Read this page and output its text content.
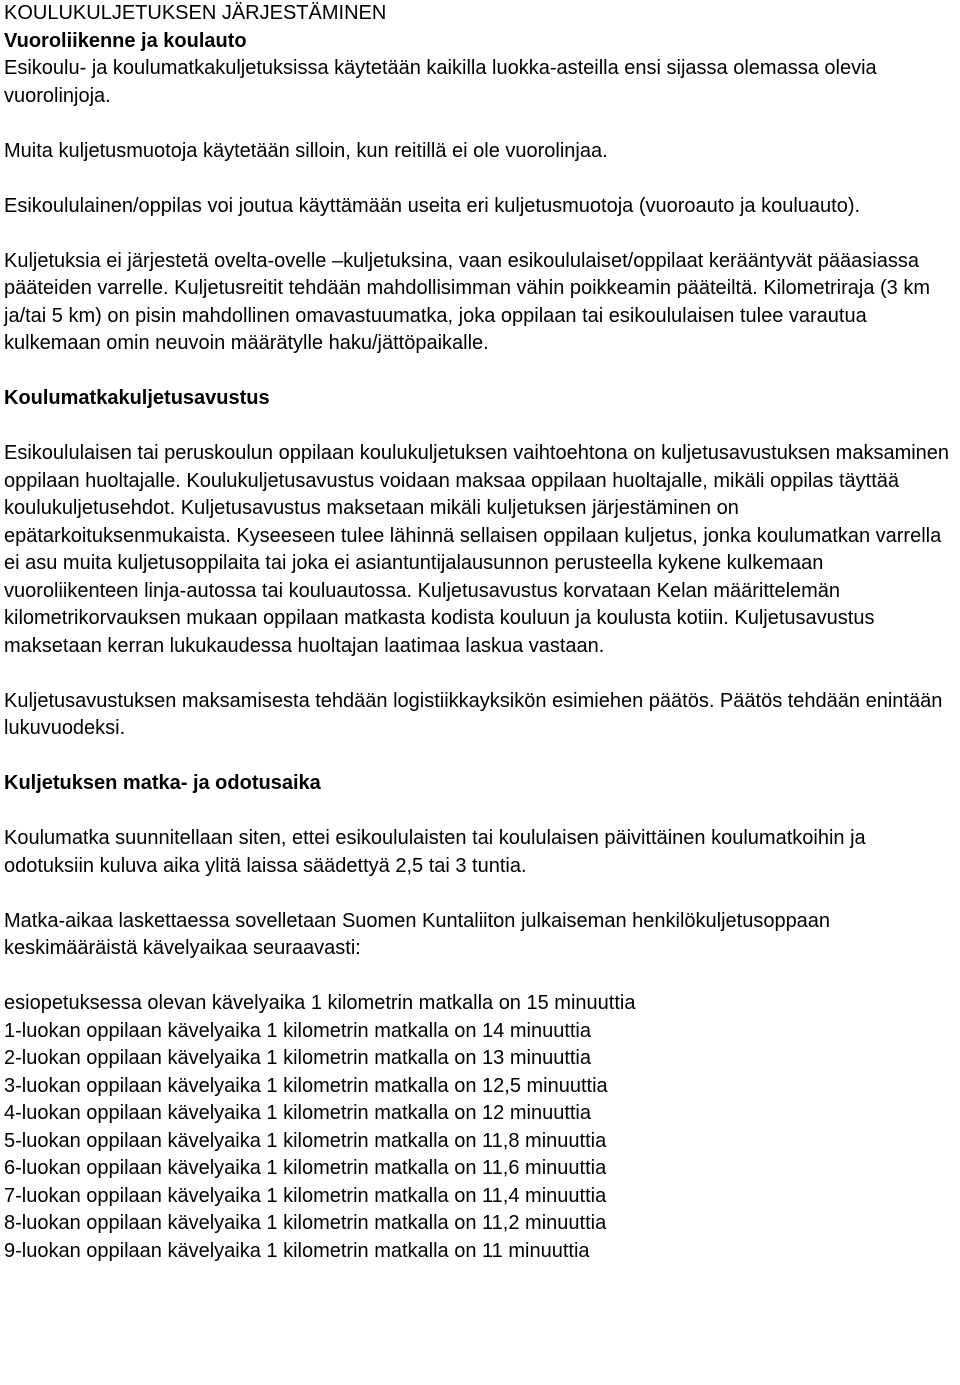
KOULUKULJETUKSEN JÄRJESTÄMINEN

Vuoroliikenne ja koulauto

Esikoulu- ja koulumatkakuljetuksissa käytetään kaikilla luokka-asteilla ensi sijassa olemassa olevia vuorolinjoja.

Muita kuljetusmuotoja käytetään silloin, kun reitillä ei ole vuorolinjaa.

Esikoululainen/oppilas voi joutua käyttämään useita eri kuljetusmuotoja (vuoroauto ja kouluauto).

Kuljetuksia ei järjestetä ovelta-ovelle –kuljetuksina, vaan esikoululaiset/oppilaat kerääntyvät pääasiassa pääteiden varrelle. Kuljetusreitit tehdään mahdollisimman vähin poikkeamin pääteiltä. Kilometriraja (3 km ja/tai 5 km) on pisin mahdollinen omavastuumatka, joka oppilaan tai esikoululaisen tulee varautua kulkemaan omin neuvoin määrätylle haku/jättöpaikalle.

Koulumatkakuljetusavustus

Esikoululaisen tai peruskoulun oppilaan koulukuljetuksen vaihtoehtona on kuljetusavustuksen maksaminen oppilaan huoltajalle. Koulukuljetusavustus voidaan maksaa oppilaan huoltajalle, mikäli oppilas täyttää koulukuljetusehdot. Kuljetusavustus maksetaan mikäli kuljetuksen järjestäminen on epätarkoituksenmukaista. Kyseeseen tulee lähinnä sellaisen oppilaan kuljetus, jonka koulumatkan varrella ei asu muita kuljetusoppilaita tai joka ei asiantuntijalausunnon perusteella kykene kulkemaan vuoroliikenteen linja-autossa tai kouluautossa. Kuljetusavustus korvataan Kelan määrittelemän kilometrikorvauksen mukaan oppilaan matkasta kodista kouluun ja koulusta kotiin. Kuljetusavustus maksetaan kerran lukukaudessa huoltajan laatimaa laskua vastaan.

Kuljetusavustuksen maksamisesta tehdään logistiikkayksikön esimiehen päätös. Päätös tehdään enintään lukuvuodeksi.

Kuljetuksen matka- ja odotusaika

Koulumatka suunnitellaan siten, ettei esikoululaisten tai koululaisen päivittäinen koulumatkoihin ja odotuksiin kuluva aika ylitä laissa säädettyä 2,5 tai 3 tuntia.

Matka-aikaa laskettaessa sovelletaan Suomen Kuntaliiton julkaiseman henkilökuljetusoppaan keskimääräistä kävelyaikaa seuraavasti:

esiopetuksessa olevan kävelyaika 1 kilometrin matkalla on 15 minuuttia

1-luokan oppilaan kävelyaika 1 kilometrin matkalla on 14 minuuttia

2-luokan oppilaan kävelyaika 1 kilometrin matkalla on 13 minuuttia

3-luokan oppilaan kävelyaika 1 kilometrin matkalla on 12,5 minuuttia

4-luokan oppilaan kävelyaika 1 kilometrin matkalla on 12 minuuttia

5-luokan oppilaan kävelyaika 1 kilometrin matkalla on 11,8 minuuttia

6-luokan oppilaan kävelyaika 1 kilometrin matkalla on 11,6 minuuttia

7-luokan oppilaan kävelyaika 1 kilometrin matkalla on 11,4 minuuttia

8-luokan oppilaan kävelyaika 1 kilometrin matkalla on 11,2 minuuttia

9-luokan oppilaan kävelyaika 1 kilometrin matkalla on 11 minuuttia
